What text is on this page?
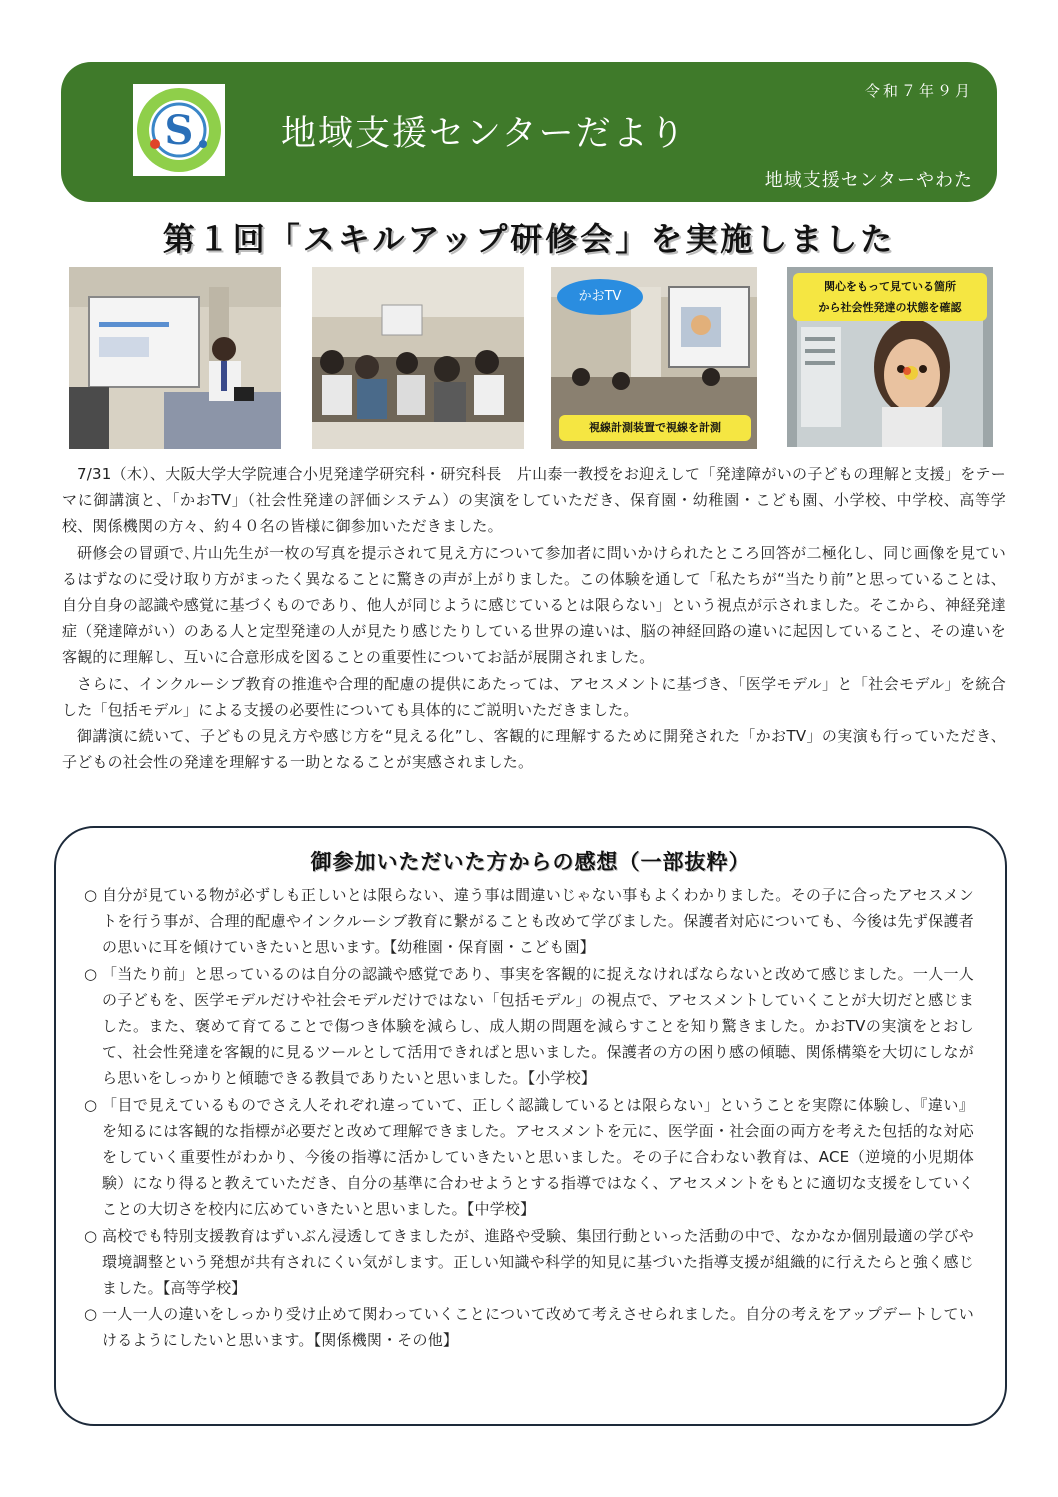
S	地域支援センターだより
令和７年９月
地域支援センターやわた
第１回「スキルアップ研修会」を実施しました
かおTV
視線計測装置で視線を計測
関心をもって見ている箇所
から社会性発達の状態を確認

7/31（木）、大阪大学大学院連合小児発達学研究科・研究科長　片山泰一教授をお迎えして「発達障がいの子どもの理解と支援」をテーマに御講演と、「かおTV」（社会性発達の評価システム）の実演をしていただき、保育園・幼稚園・こども園、小学校、中学校、高等学校、関係機関の方々、約４０名の皆様に御参加いただきました。

研修会の冒頭で､片山先生が一枚の写真を提示されて見え方について参加者に問いかけられたところ回答が二極化し、同じ画像を見ているはずなのに受け取り方がまったく異なることに驚きの声が上がりました。この体験を通して「私たちが“当たり前”と思っていることは、自分自身の認識や感覚に基づくものであり、他人が同じように感じているとは限らない」という視点が示されました。そこから、神経発達症（発達障がい）のある人と定型発達の人が見たり感じたりしている世界の違いは、脳の神経回路の違いに起因していること、その違いを客観的に理解し、互いに合意形成を図ることの重要性についてお話が展開されました。

さらに、インクルーシブ教育の推進や合理的配慮の提供にあたっては、アセスメントに基づき、「医学モデル」と「社会モデル」を統合した「包括モデル」による支援の必要性についても具体的にご説明いただきました。

御講演に続いて、子どもの見え方や感じ方を“見える化”し、客観的に理解するために開発された「かおTV」の実演も行っていただき、子どもの社会性の発達を理解する一助となることが実感されました。

御参加いただいた方からの感想（一部抜粋）
○ 自分が見ている物が必ずしも正しいとは限らない、違う事は間違いじゃない事もよくわかりました。その子に合ったアセスメントを行う事が、合理的配慮やインクルーシブ教育に繋がることも改めて学びました。保護者対応についても、今後は先ず保護者の思いに耳を傾けていきたいと思います。【幼稚園・保育園・こども園】
○ 「当たり前」と思っているのは自分の認識や感覚であり、事実を客観的に捉えなければならないと改めて感じました。一人一人の子どもを、医学モデルだけや社会モデルだけではない「包括モデル」の視点で、アセスメントしていくことが大切だと感じました。また、褒めて育てることで傷つき体験を減らし、成人期の問題を減らすことを知り驚きました。かおTVの実演をとおして、社会性発達を客観的に見るツールとして活用できればと思いました。保護者の方の困り感の傾聴、関係構築を大切にしながら思いをしっかりと傾聴できる教員でありたいと思いました。【小学校】
○ 「目で見えているものでさえ人それぞれ違っていて、正しく認識しているとは限らない」ということを実際に体験し、『違い』を知るには客観的な指標が必要だと改めて理解できました。アセスメントを元に、医学面・社会面の両方を考えた包括的な対応をしていく重要性がわかり、今後の指導に活かしていきたいと思いました。その子に合わない教育は、ACE（逆境的小児期体験）になり得ると教えていただき、自分の基準に合わせようとする指導ではなく、アセスメントをもとに適切な支援をしていくことの大切さを校内に広めていきたいと思いました。【中学校】
○ 高校でも特別支援教育はずいぶん浸透してきましたが、進路や受験、集団行動といった活動の中で、なかなか個別最適の学びや環境調整という発想が共有されにくい気がします。正しい知識や科学的知見に基づいた指導支援が組織的に行えたらと強く感じました。【高等学校】
○ 一人一人の違いをしっかり受け止めて関わっていくことについて改めて考えさせられました。自分の考えをアップデートしていけるようにしたいと思います。【関係機関・その他】
